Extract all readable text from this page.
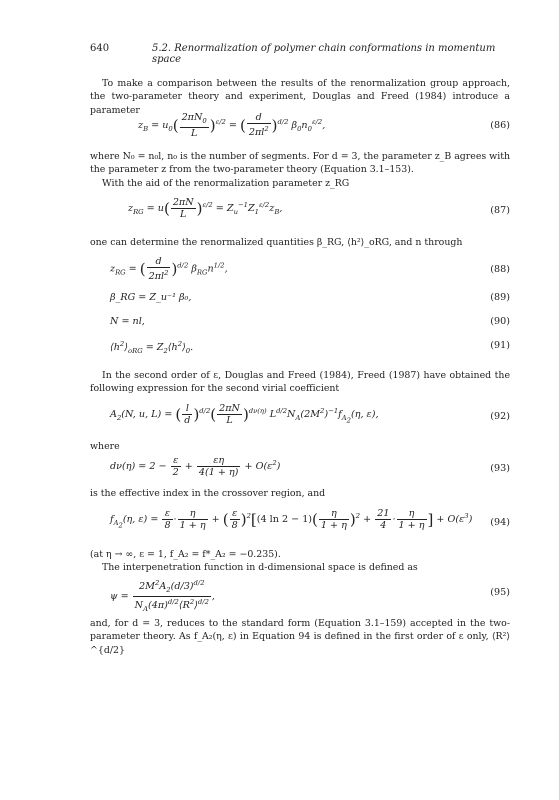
640	5.2. Renormalization of polymer chain conformations in momentum space
To make a comparison between the results of the renormalization group approach, the two-parameter theory and experiment, Douglas and Freed (1984) introduce a parameter
$z_B = u_0( \frac{2\pi N_0}{L} )^{\varepsilon/2}$ = ( $\frac{d}{2\pi l^2} )^{d/2}$ $\beta_0n_0^{\varepsilon/2}$,	(86)
where N₀ = n₀l, n₀ is the number of segments. For d = 3, the parameter z_B agrees with the parameter z from the two-parameter theory (Equation 3.1–153).
With the aid of the renormalization parameter z_RG
$z_{RG} = u( \frac{2\pi N}{L} )^{\varepsilon/2} = Z_u^{-1}Z_1^{\varepsilon/2}z_B$,	(87)
one can determine the renormalized quantities β_RG, ⟨h²⟩_oRG, and n through
$z_{RG}$ = ( $\frac{d}{2\pi l^2} )^{d/2}$ $\beta_{RG}n^{1/2}$,	(88)
β_RG = Z_u⁻¹ β₀,	(89)
N = nl,	(90)
$⟨h^2⟩_{oRG}$ = $Z_2⟨h^2⟩_0$.	(91)
In the second order of ε, Douglas and Freed (1984), Freed (1987) have obtained the following expression for the second virial coefficient
$A_2(N$, u, L) = ( $\frac{l}{d} )^{d/2}( \frac{2\pi N}{L} )^{d\nu(\eta)}$ $L^{d/2}N_A(2M^2)^{-1}f_{A_2}(\eta$, ε),	(92)
where
$d\nu(\eta) = 2 - \frac{\varepsilon}{2} + \frac{\varepsilon\eta}{4(1 + \eta)} + O(\varepsilon^2)$	(93)
is the effective index in the crossover region, and
$f_{A_2}(\eta$, $\varepsilon) = \frac{\varepsilon}{8} \cdot \frac{\eta}{1 + \eta}$ + ( $\frac{\varepsilon}{8} )^2[(4$ $\ln 2 - 1)( \frac{\eta}{1 + \eta} )^2 + \frac{21}{4} \cdot \frac{\eta}{1 + \eta}$ ] + $O(\varepsilon^3)$ (94)
(at η → ∞, ε = 1, f_A₂ = f*_A₂ = −0.235).
The interpenetration function in d-dimensional space is defined as
$\psi = \frac{2M^2A_2(d/3)^{d/2}}{N_A(4\pi)^{d/2}⟨R^2⟩^{d/2}}$ ,	(95)
and, for d = 3, reduces to the standard form (Equation 3.1–159) accepted in the two-parameter theory. As f_A₂(η, ε) in Equation 94 is defined in the first order of ε only, ⟨R²⟩^{d/2}
